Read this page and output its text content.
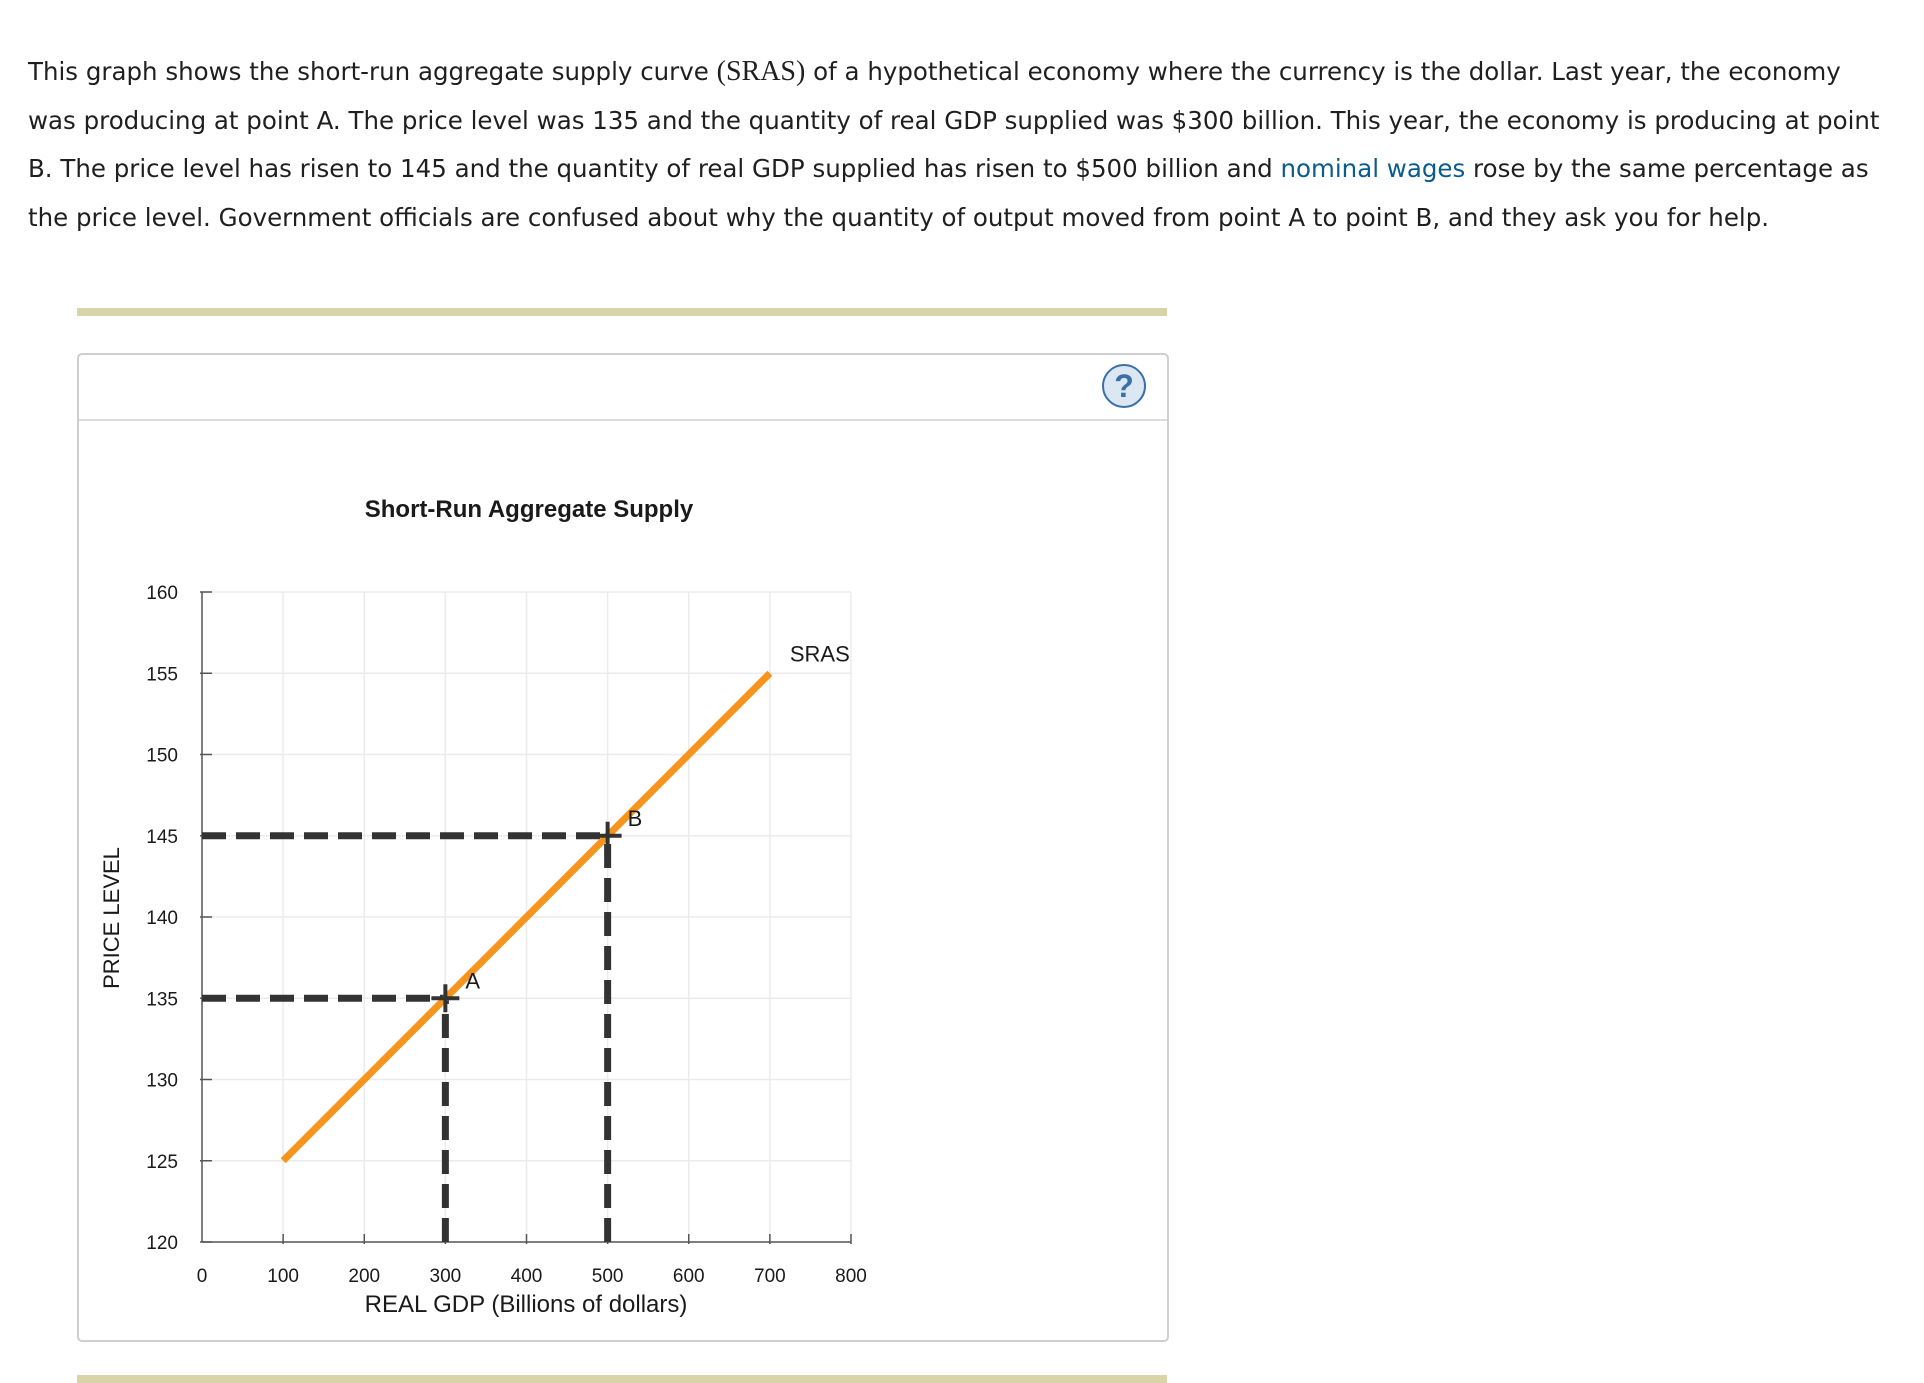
This graph shows the short-run aggregate supply curve (SRAS) of a hypothetical economy where the currency is the dollar. Last year, the economy was producing at point A. The price level was 135 and the quantity of real GDP supplied was $300 billion. This year, the economy is producing at point B. The price level has risen to 145 and the quantity of real GDP supplied has risen to $500 billion and nominal wages rose by the same percentage as the price level. Government officials are confused about why the quantity of output moved from point A to point B, and they ask you for help.

?
0	100	200	300	400	500	600	700	800
120
125
130
135
140
145
150
155
160
SRAS
A
B
Short-Run Aggregate Supply
REAL GDP (Billions of dollars)
PRICE LEVEL
